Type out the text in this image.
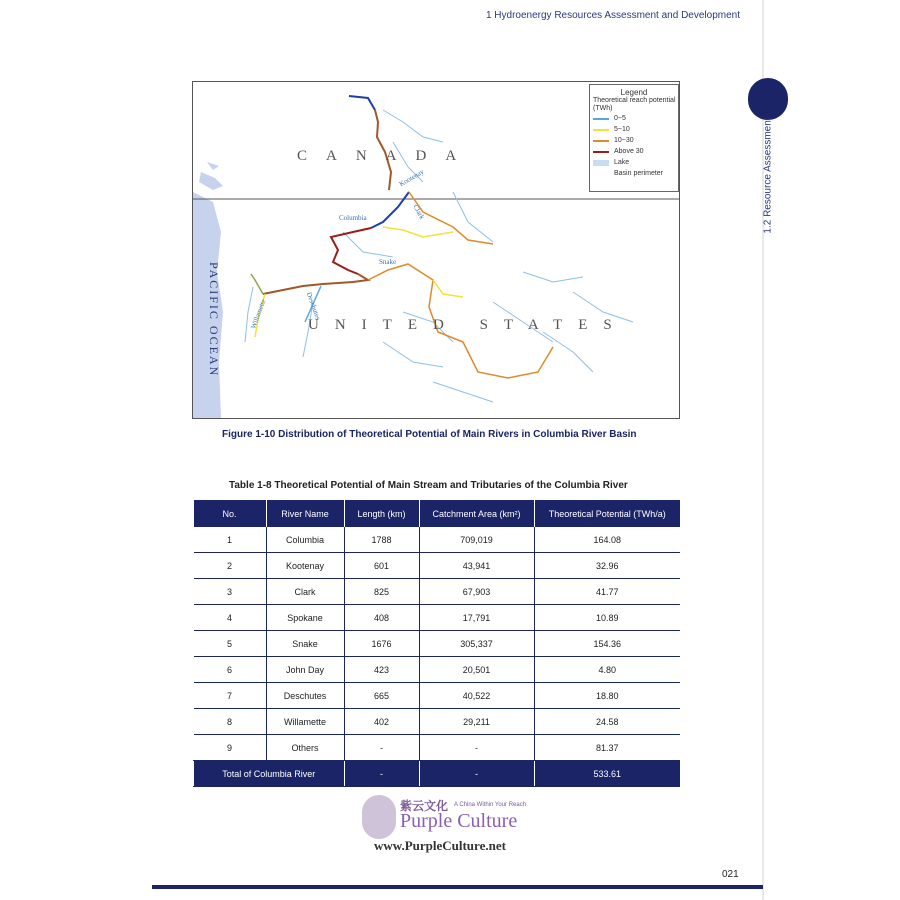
1 Hydroenergy Resources Assessment and Development
1.2 Resource Assessment
CANADA
UNITED STATES
PACIFIC OCEAN
Kootenay
Columbia	Clark
Snake
Willamette	Deschutes
Legend
Theoretical reach potential (TWh)
0~5
5~10
10~30
Above 30
Lake
Basin perimeter
Figure 1-10 Distribution of Theoretical Potential of Main Rivers in Columbia River Basin
Table 1-8 Theoretical Potential of Main Stream and Tributaries of the Columbia River
No.	River Name	Length (km)	Catchment Area (km²)	Theoretical Potential (TWh/a)
1	Columbia	1788	709,019	164.08
2	Kootenay	601	43,941	32.96
3	Clark	825	67,903	41.77
4	Spokane	408	17,791	10.89
5	Snake	1676	305,337	154.36
6	John Day	423	20,501	4.80
7	Deschutes	665	40,522	18.80
8	Willamette	402	29,211	24.58
9	Others	-	-	81.37
Total of Columbia River		-	-	533.61
紫云文化 A China Within Your Reach
Purple Culture
www.PurpleCulture.net
021
